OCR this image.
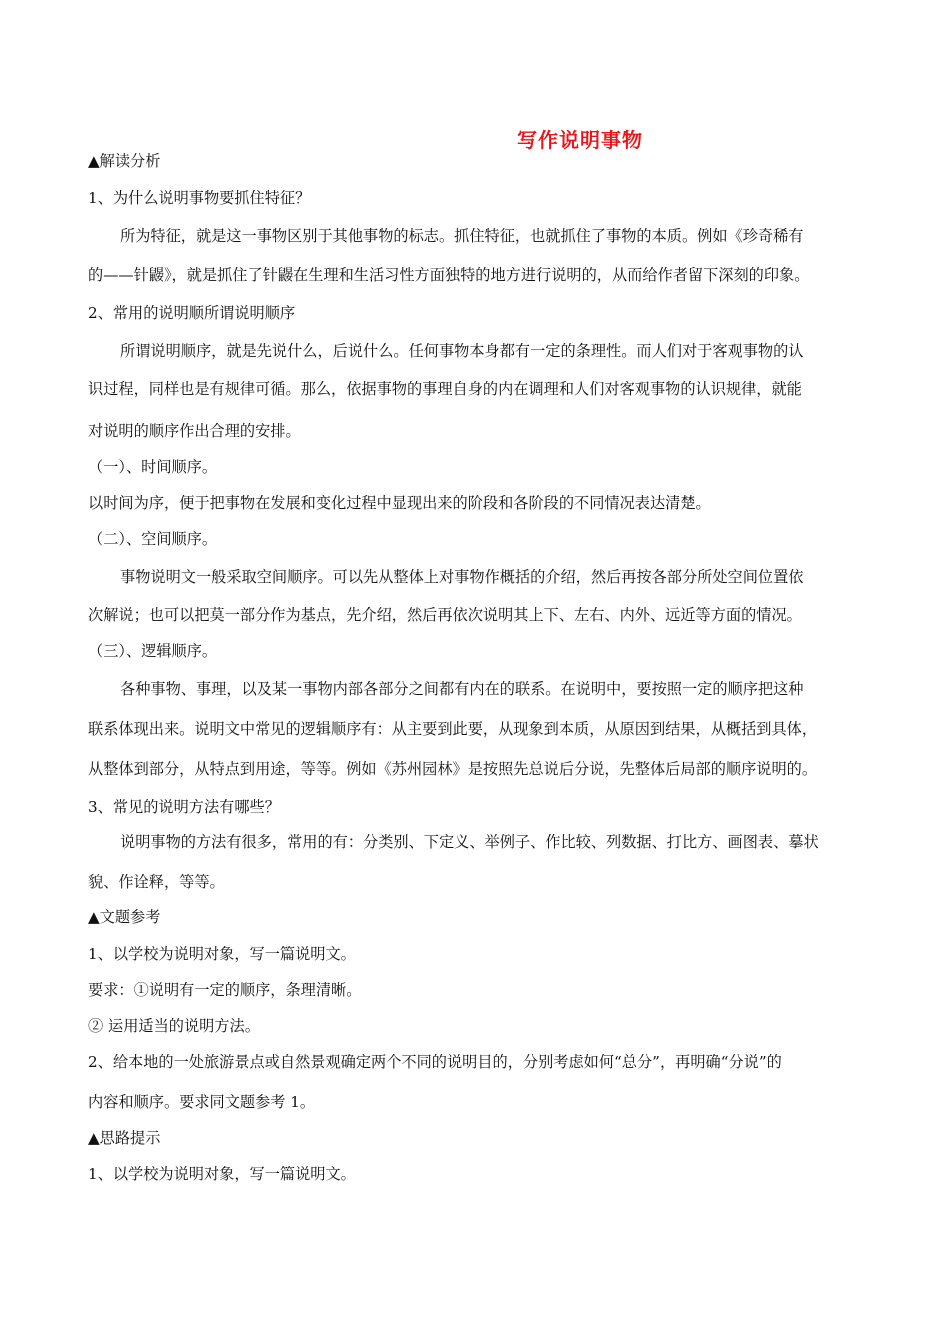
写作说明事物
▲解读分析
1、为什么说明事物要抓住特征？
所为特征，就是这一事物区别于其他事物的标志。抓住特征，也就抓住了事物的本质。例如《珍奇稀有
的——针鼹》，就是抓住了针鼹在生理和生活习性方面独特的地方进行说明的，从而给作者留下深刻的印象。
2、常用的说明顺所谓说明顺序
所谓说明顺序，就是先说什么，后说什么。任何事物本身都有一定的条理性。而人们对于客观事物的认
识过程，同样也是有规律可循。那么，依据事物的事理自身的内在调理和人们对客观事物的认识规律，就能
对说明的顺序作出合理的安排。
（一）、时间顺序。
以时间为序，便于把事物在发展和变化过程中显现出来的阶段和各阶段的不同情况表达清楚。
（二）、空间顺序。
事物说明文一般采取空间顺序。可以先从整体上对事物作概括的介绍，然后再按各部分所处空间位置依
次解说；也可以把莫一部分作为基点，先介绍，然后再依次说明其上下、左右、内外、远近等方面的情况。
（三）、逻辑顺序。
各种事物、事理，以及某一事物内部各部分之间都有内在的联系。在说明中，要按照一定的顺序把这种
联系体现出来。说明文中常见的逻辑顺序有：从主要到此要，从现象到本质，从原因到结果，从概括到具体，
从整体到部分，从特点到用途，等等。例如《苏州园林》是按照先总说后分说，先整体后局部的顺序说明的。
3、常见的说明方法有哪些？
说明事物的方法有很多，常用的有：分类别、下定义、举例子、作比较、列数据、打比方、画图表、摹状
貌、作诠释，等等。
▲文题参考
1、以学校为说明对象，写一篇说明文。
要求：①说明有一定的顺序，条理清晰。
② 运用适当的说明方法。
2、给本地的一处旅游景点或自然景观确定两个不同的说明目的，分别考虑如何“总分”，再明确“分说”的
内容和顺序。要求同文题参考 1。
▲思路提示
1、以学校为说明对象，写一篇说明文。
